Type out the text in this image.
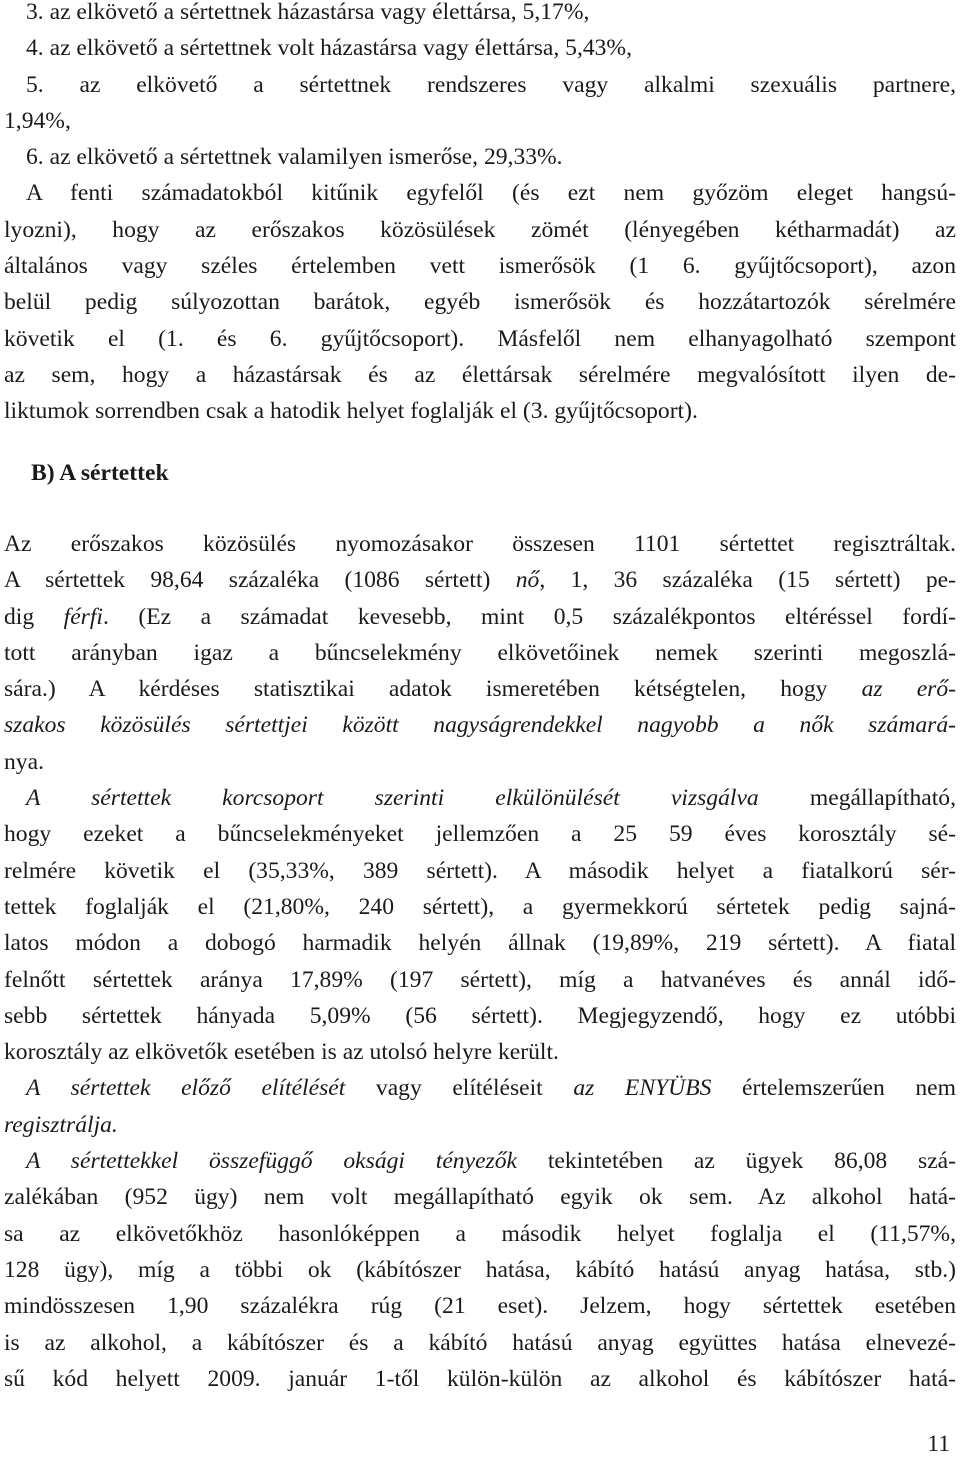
3. az elkövető a sértettnek házastársa vagy élettársa, 5,17%,
4. az elkövető a sértettnek volt házastársa vagy élettársa, 5,43%,
5. az elkövető a sértettnek rendszeres vagy alkalmi szexuális partnere,
1,94%,
6. az elkövető a sértettnek valamilyen ismerőse, 29,33%.
A fenti számadatokból kitűnik egyfelől (és ezt nem győzöm eleget hangsú-
lyozni), hogy az erőszakos közösülések zömét (lényegében kétharmadát) az
általános vagy széles értelemben vett ismerősök (1 6. gyűjtőcsoport), azon
belül pedig súlyozottan barátok, egyéb ismerősök és hozzátartozók sérelmére
követik el (1. és 6. gyűjtőcsoport). Másfelől nem elhanyagolható szempont
az sem, hogy a házastársak és az élettársak sérelmére megvalósított ilyen de-
liktumok sorrendben csak a hatodik helyet foglalják el (3. gyűjtőcsoport).
B) A sértettek
Az erőszakos közösülés nyomozásakor összesen 1101 sértettet regisztráltak.
A sértettek 98,64 százaléka (1086 sértett) nő, 1, 36 százaléka (15 sértett) pe-
dig férfi. (Ez a számadat kevesebb, mint 0,5 százalékpontos eltéréssel fordí-
tott arányban igaz a bűncselekmény elkövetőinek nemek szerinti megoszlá-
sára.) A kérdéses statisztikai adatok ismeretében kétségtelen, hogy az erő-
szakos közösülés sértettjei között nagyságrendekkel nagyobb a nők számará-
nya.
A sértettek korcsoport szerinti elkülönülését vizsgálva megállapítható,
hogy ezeket a bűncselekményeket jellemzően a 25 59 éves korosztály sé-
relmére követik el (35,33%, 389 sértett). A második helyet a fiatalkorú sér-
tettek foglalják el (21,80%, 240 sértett), a gyermekkorú sértetek pedig sajná-
latos módon a dobogó harmadik helyén állnak (19,89%, 219 sértett). A fiatal
felnőtt sértettek aránya 17,89% (197 sértett), míg a hatvanéves és annál idő-
sebb sértettek hányada 5,09% (56 sértett). Megjegyzendő, hogy ez utóbbi
korosztály az elkövetők esetében is az utolsó helyre került.
A sértettek előző elítélését vagy elítéléseit az ENYÜBS értelemszerűen nem
regisztrálja.
A sértettekkel összefüggő oksági tényezők tekintetében az ügyek 86,08 szá-
zalékában (952 ügy) nem volt megállapítható egyik ok sem. Az alkohol hatá-
sa az elkövetőkhöz hasonlóképpen a második helyet foglalja el (11,57%,
128 ügy), míg a többi ok (kábítószer hatása, kábító hatású anyag hatása, stb.)
mindösszesen 1,90 százalékra rúg (21 eset). Jelzem, hogy sértettek esetében
is az alkohol, a kábítószer és a kábító hatású anyag együttes hatása elnevezé-
sű kód helyett 2009. január 1-től külön-külön az alkohol és kábítószer hatá-
11
